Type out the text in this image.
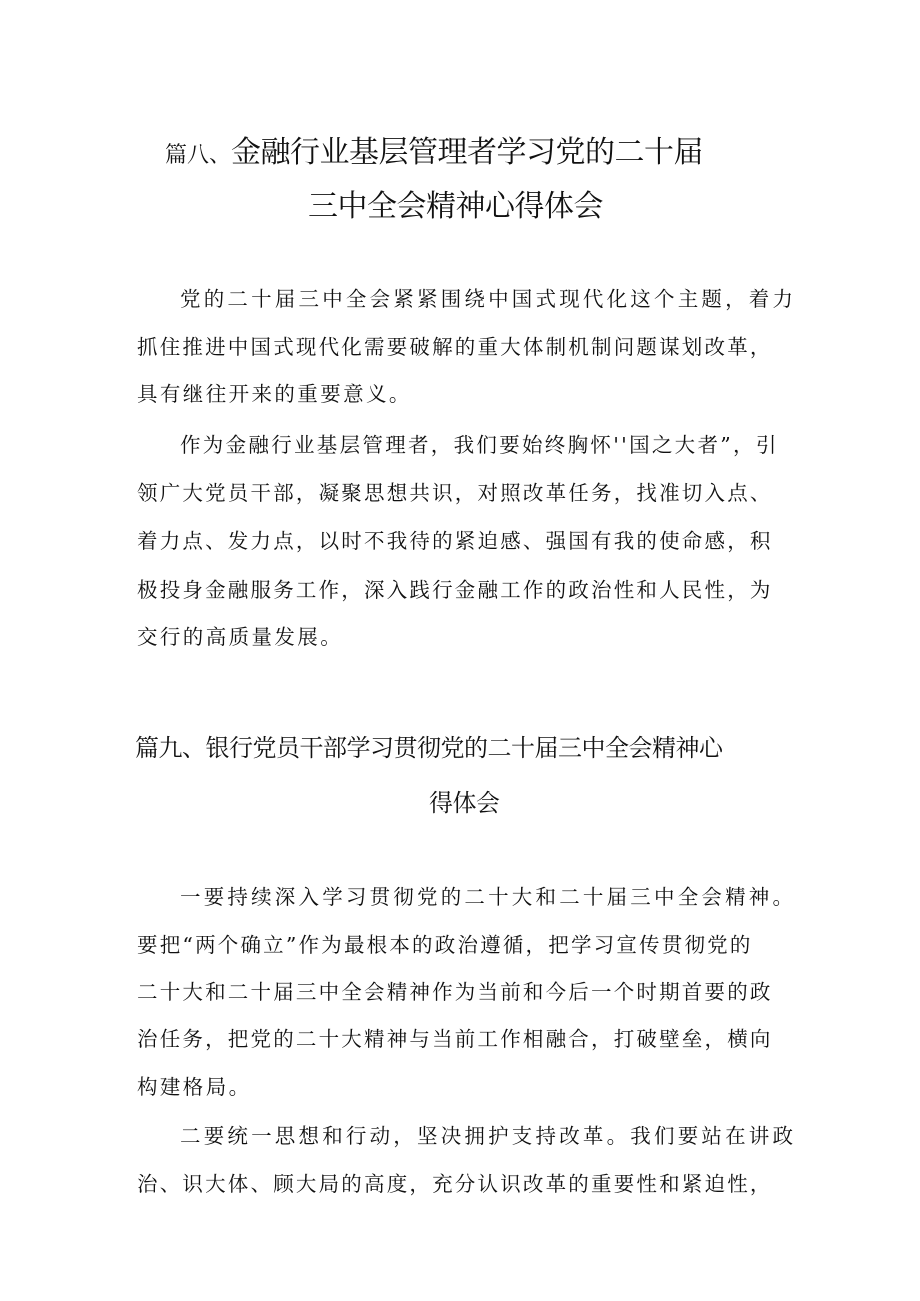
篇八、金融行业基层管理者学习党的二十届
三中全会精神心得体会
党的二十届三中全会紧紧围绕中国式现代化这个主题，着力
抓住推进中国式现代化需要破解的重大体制机制问题谋划改革，
具有继往开来的重要意义。
作为金融行业基层管理者，我们要始终胸怀''国之大者”，引
领广大党员干部，凝聚思想共识，对照改革任务，找准切入点、
着力点、发力点，以时不我待的紧迫感、强国有我的使命感，积
极投身金融服务工作，深入践行金融工作的政治性和人民性，为
交行的高质量发展。
篇九、银行党员干部学习贯彻党的二十届三中全会精神心
得体会
一要持续深入学习贯彻党的二十大和二十届三中全会精神。
要把“两个确立”作为最根本的政治遵循，把学习宣传贯彻党的
二十大和二十届三中全会精神作为当前和今后一个时期首要的政
治任务，把党的二十大精神与当前工作相融合，打破壁垒，横向
构建格局。
二要统一思想和行动，坚决拥护支持改革。我们要站在讲政
治、识大体、顾大局的高度，充分认识改革的重要性和紧迫性，
